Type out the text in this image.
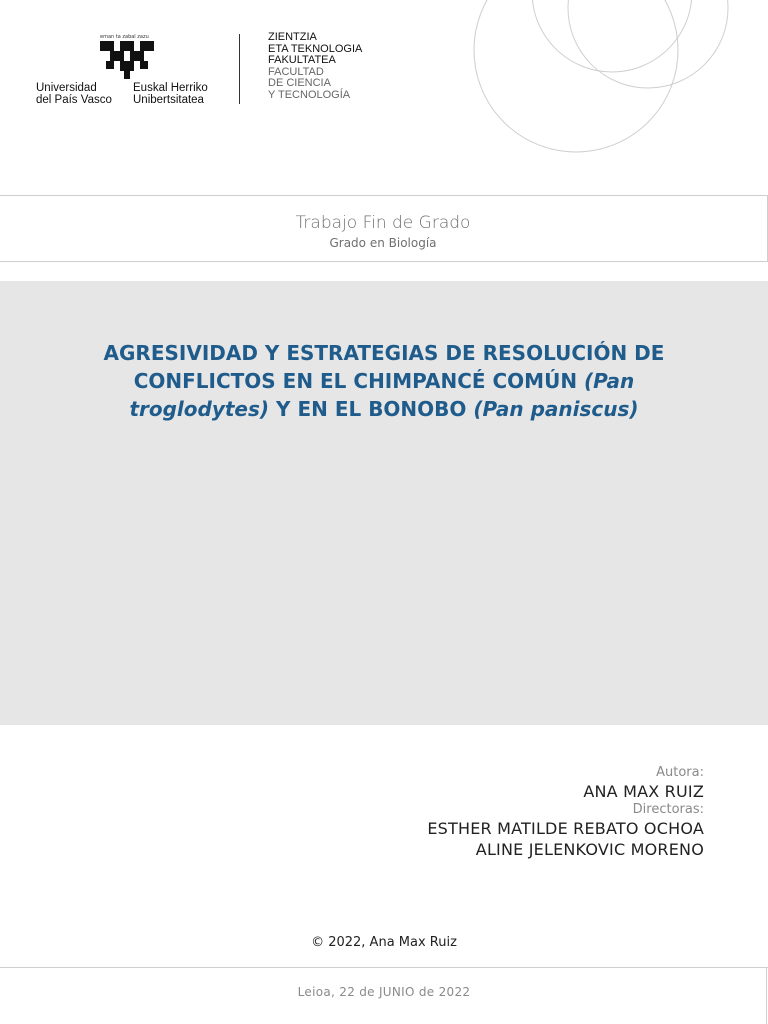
eman ta zabal zazu
Universidad
del País Vasco
Euskal Herriko
Unibertsitatea
ZIENTZIA
ETA TEKNOLOGIA
FAKULTATEA
FACULTAD
DE CIENCIA
Y TECNOLOGÍA
Trabajo Fin de Grado
Grado en Biología
AGRESIVIDAD Y ESTRATEGIAS DE RESOLUCIÓN DE CONFLICTOS EN EL CHIMPANCÉ COMÚN (Pan troglodytes) Y EN EL BONOBO (Pan paniscus)
Autora:
ANA MAX RUIZ
Directoras:
ESTHER MATILDE REBATO OCHOA
ALINE JELENKOVIC MORENO
© 2022, Ana Max Ruiz
Leioa, 22 de JUNIO de 2022
